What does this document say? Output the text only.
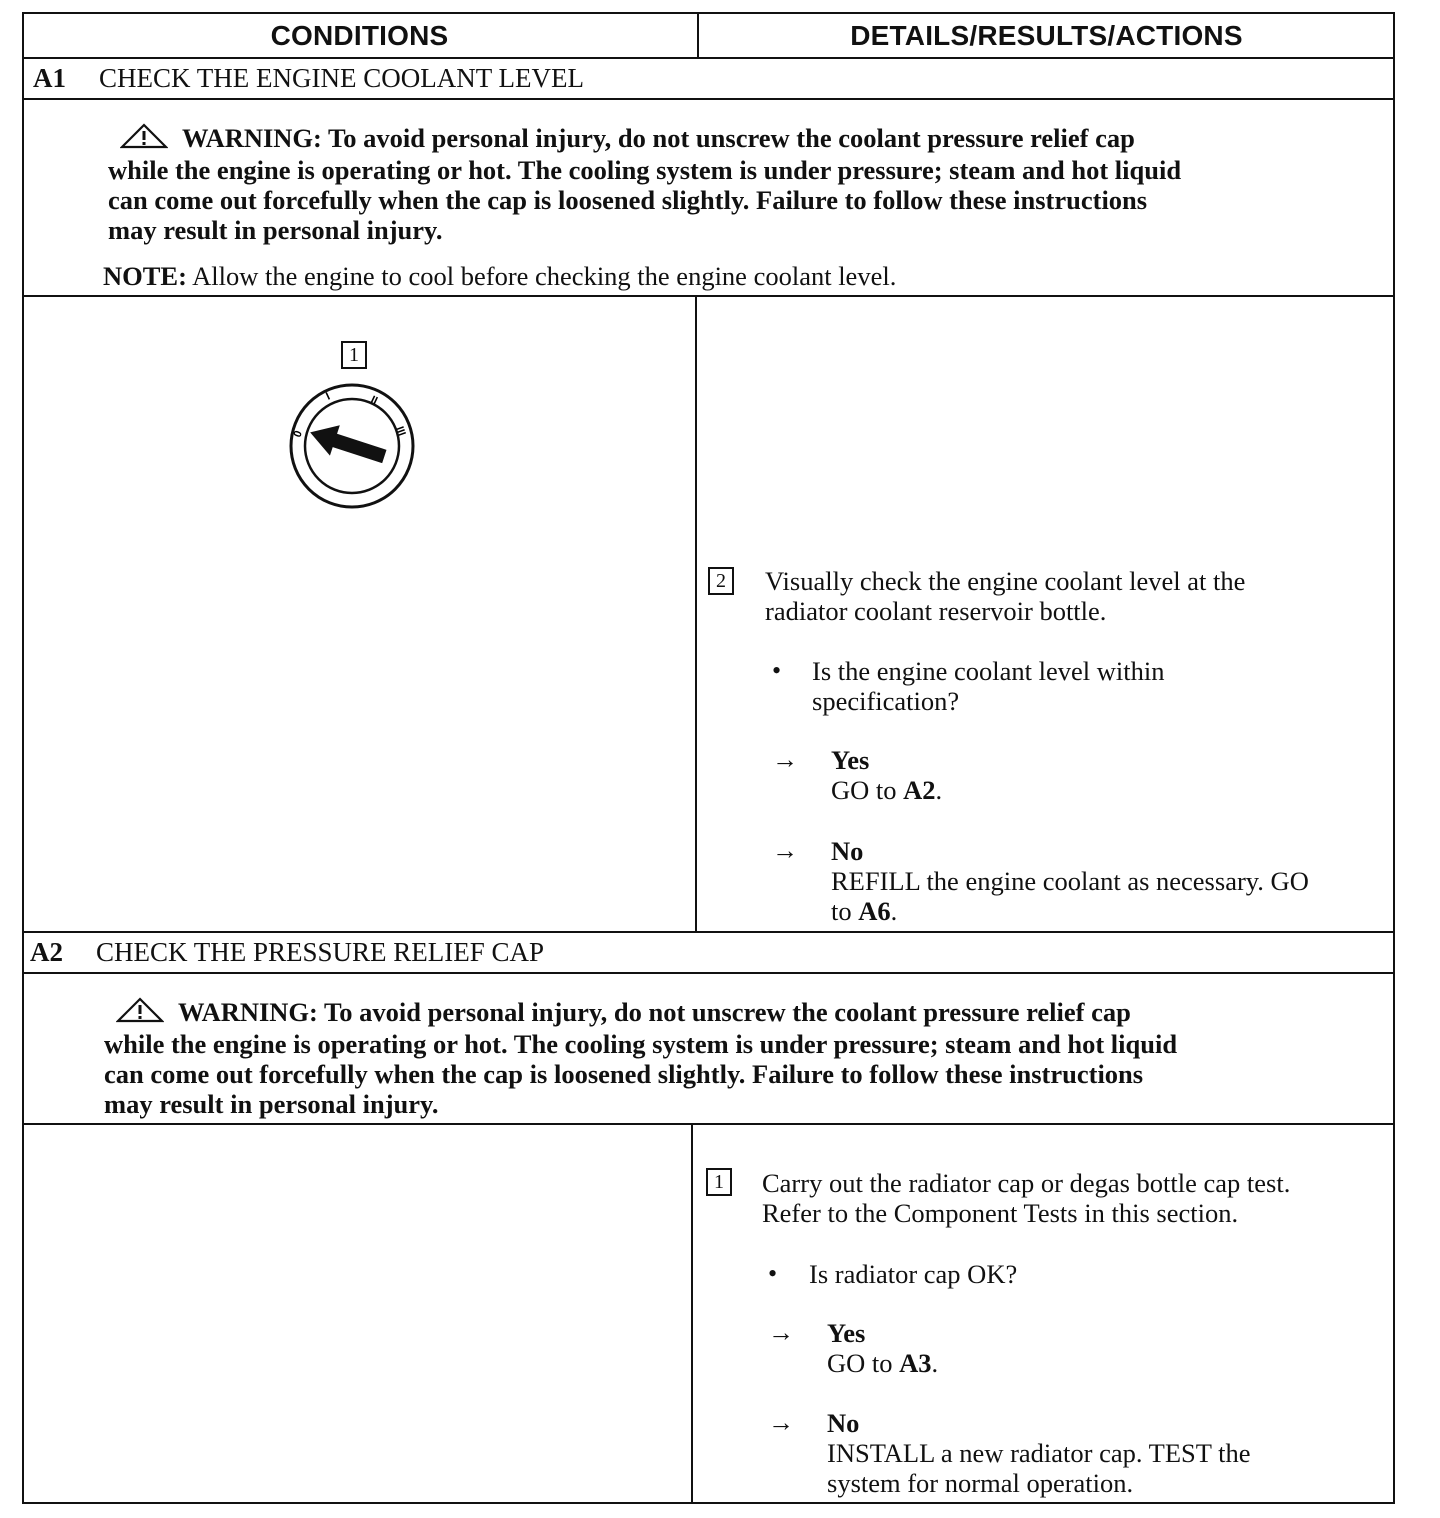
CONDITIONS	DETAILS/RESULTS/ACTIONS
A1 CHECK THE ENGINE COOLANT LEVEL
WARNING: To avoid personal injury, do not unscrew the coolant pressure relief cap
while the engine is operating or hot. The cooling system is under pressure; steam and hot liquid
can come out forcefully when the cap is loosened slightly. Failure to follow these instructions
may result in personal injury.
NOTE: Allow the engine to cool before checking the engine coolant level.
1
0
I	II
III
2	Visually check the engine coolant level at the
radiator coolant reservoir bottle.
• Is the engine coolant level within
specification?
→ Yes
GO to A2.
→ No
REFILL the engine coolant as necessary. GO
to A6.
A2 CHECK THE PRESSURE RELIEF CAP
WARNING: To avoid personal injury, do not unscrew the coolant pressure relief cap
while the engine is operating or hot. The cooling system is under pressure; steam and hot liquid
can come out forcefully when the cap is loosened slightly. Failure to follow these instructions
may result in personal injury.
1	Carry out the radiator cap or degas bottle cap test.
Refer to the Component Tests in this section.
• Is radiator cap OK?
→ Yes
GO to A3.
→ No
INSTALL a new radiator cap. TEST the
system for normal operation.
